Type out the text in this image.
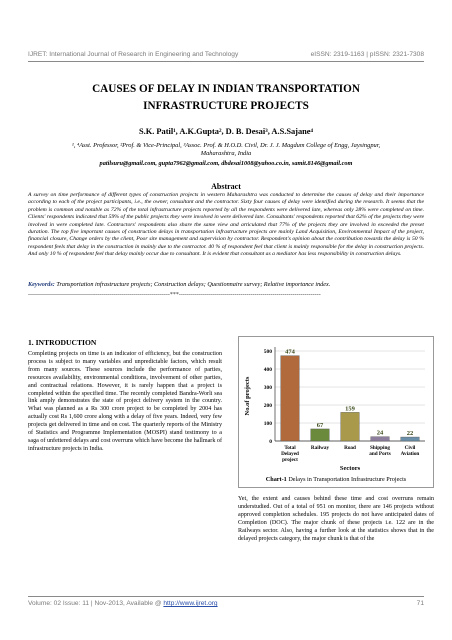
IJRET: International Journal of Research in Engineering and Technology	eISSN: 2319-1163 | pISSN: 2321-7308
CAUSES OF DELAY IN INDIAN TRANSPORTATION
INFRASTRUCTURE PROJECTS
S.K. Patil¹, A.K.Gupta², D. B. Desai³, A.S.Sajane⁴
¹, ⁴Asst. Professor, ²Prof. & Vice-Principal, ³Assoc. Prof. & H.O.D. Civil, Dr. J. J. Magdum College of Engg, Jaysingpur,
Maharashtra, India
patilsuru@gmail.com, gupta7962@gmail.com, dbdesai1008@yahoo.co.in, samit.8146@gmail.com
Abstract
A survey on time performance of different types of construction projects in western Maharashtra was conducted to determine the causes of delay and their importance according to each of the project participants, i.e., the owner, consultant and the contractor. Sixty four causes of delay were identified during the research. It seems that the problem is common and notable as 72% of the total infrastructure projects reported by all the respondents were delivered late, whereas only 28% were completed on time. Clients' respondents indicated that 59% of the public projects they were involved in were delivered late. Consultants' respondents reported that 62% of the projects they were involved in were completed late. Contractors' respondents also share the same view and articulated that 77% of the projects they are involved in exceeded the preset duration. The top five important causes of construction delays in transportation infrastructure projects are mainly Land Acquisition, Environmental Impact of the project, financial closure, Change orders by the client, Poor site management and supervision by contractor. Respondent's opinion about the contribution towards the delay is 50 % respondent feels that delay in the construction in mainly due to the contractor. 40 % of respondent feel that client is mainly responsible for the delay in construction projects. And only 10 % of respondent feel that delay mainly occur due to consultant. It is evident that consultant as a mediator has less responsibility in construction delays.
Keywords: Transportation infrastructure projects; Construction delays; Questionnaire survey; Relative importance index.
-----------------------------------------------------------------------***-----------------------------------------------------------------------
1. INTRODUCTION
Completing projects on time is an indicator of efficiency, but the construction process is subject to many variables and unpredictable factors, which result from many sources. These sources include the performance of parties, resources availability, environmental conditions, involvement of other parties, and contractual relations. However, it is rarely happen that a project is completed within the specified time. The recently completed Bandra-Worli sea link amply demonstrates the state of project delivery system in the country. What was planned as a Rs 300 crore project to be completed by 2004 has actually cost Rs 1,600 crore along with a delay of five years. Indeed, very few projects get delivered in time and on cost. The quarterly reports of the Ministry of Statistics and Programme Implementation (MOSPI) stand testimony to a saga of unfettered delays and cost overruns which have become the hallmark of infrastructure projects in India.
No.of projects
0
100
200
300
400
500 474
Total
Delayed
project
67
Railway
159
Road
24
Shipping
and Ports
22
Civil
Aviation
Sectors
Chart-1 Delays in Transportation Infrastructure Projects
Yet, the extent and causes behind these time and cost overruns remain understudied. Out of a total of 951 on monitor, there are 146 projects without approved completion schedules. 195 projects do not have anticipated dates of Completion (DOC). The major chunk of these projects i.e. 122 are in the Railways sector. Also, having a further look at the statistics shows that in the delayed projects category, the major chunk is that of the
Volume: 02 Issue: 11 | Nov-2013, Available @ http://www.ijret.org	71
